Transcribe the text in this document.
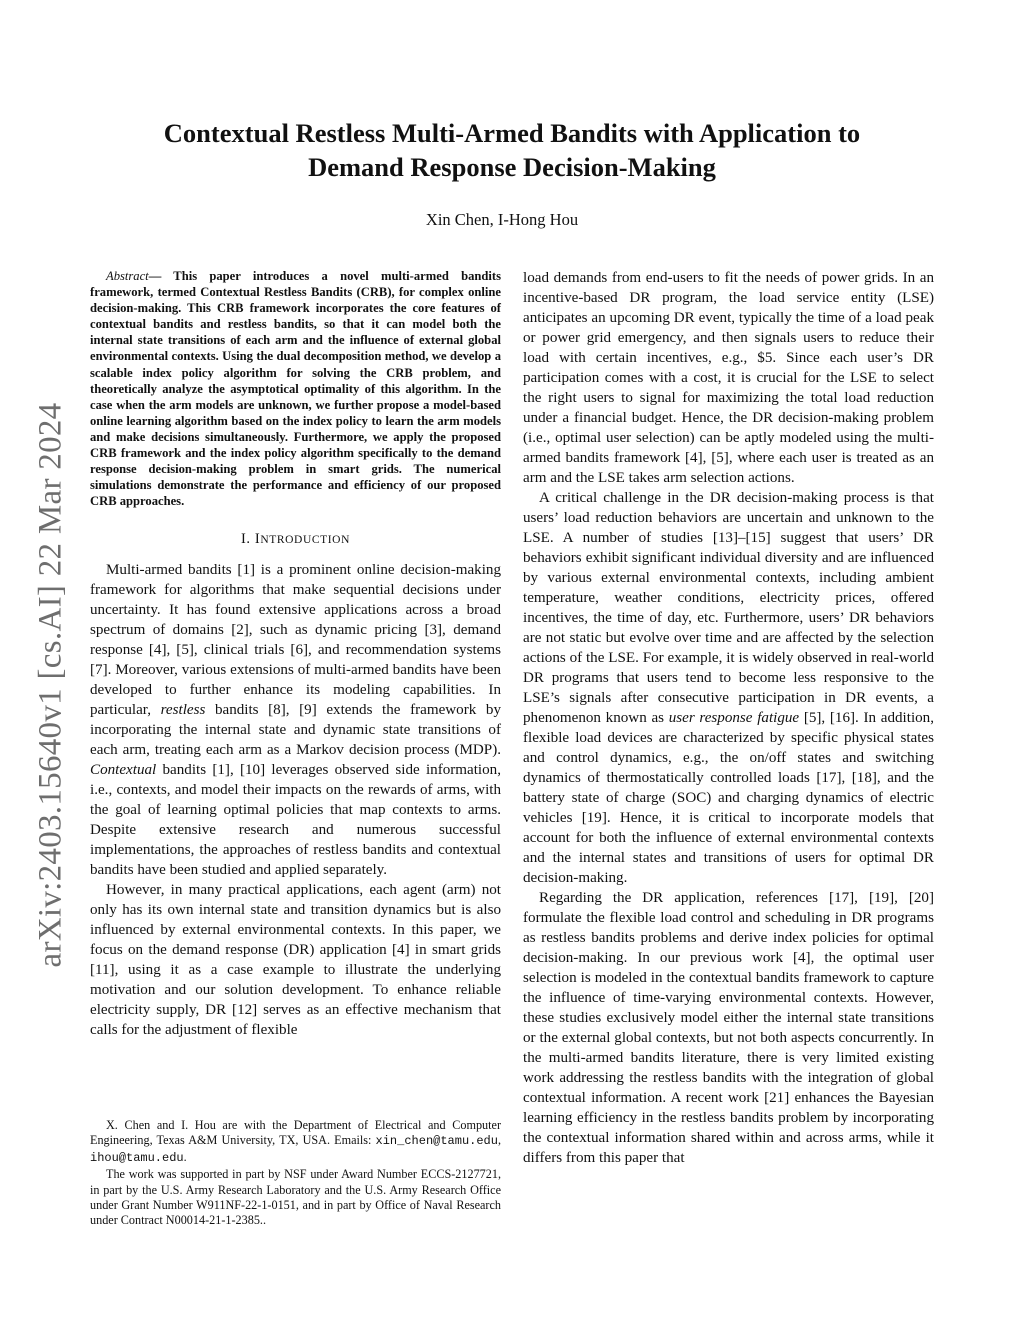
arXiv:2403.15640v1 [cs.AI] 22 Mar 2024
Contextual Restless Multi-Armed Bandits with Application to
Demand Response Decision-Making
Xin Chen, I-Hong Hou

Abstract— This paper introduces a novel multi-armed bandits framework, termed Contextual Restless Bandits (CRB), for complex online decision-making. This CRB framework incorporates the core features of contextual bandits and restless bandits, so that it can model both the internal state transitions of each arm and the influence of external global environmental contexts. Using the dual decomposition method, we develop a scalable index policy algorithm for solving the CRB problem, and theoretically analyze the asymptotical optimality of this algorithm. In the case when the arm models are unknown, we further propose a model-based online learning algorithm based on the index policy to learn the arm models and make decisions simultaneously. Furthermore, we apply the proposed CRB framework and the index policy algorithm specifically to the demand response decision-making problem in smart grids. The numerical simulations demonstrate the performance and efficiency of our proposed CRB approaches.

I. INTRODUCTION

Multi-armed bandits [1] is a prominent online decision-making framework for algorithms that make sequential decisions under uncertainty. It has found extensive applications across a broad spectrum of domains [2], such as dynamic pricing [3], demand response [4], [5], clinical trials [6], and recommendation systems [7]. Moreover, various extensions of multi-armed bandits have been developed to further enhance its modeling capabilities. In particular, restless bandits [8], [9] extends the framework by incorporating the internal state and dynamic state transitions of each arm, treating each arm as a Markov decision process (MDP). Contextual bandits [1], [10] leverages observed side information, i.e., contexts, and model their impacts on the rewards of arms, with the goal of learning optimal policies that map contexts to arms. Despite extensive research and numerous successful implementations, the approaches of restless bandits and contextual bandits have been studied and applied separately.

However, in many practical applications, each agent (arm) not only has its own internal state and transition dynamics but is also influenced by external environmental contexts. In this paper, we focus on the demand response (DR) application [4] in smart grids [11], using it as a case example to illustrate the underlying motivation and our solution development. To enhance reliable electricity supply, DR [12] serves as an effective mechanism that calls for the adjustment of flexible

X. Chen and I. Hou are with the Department of Electrical and Computer Engineering, Texas A&M University, TX, USA. Emails: xin_chen@tamu.edu, ihou@tamu.edu.

The work was supported in part by NSF under Award Number ECCS-2127721, in part by the U.S. Army Research Laboratory and the U.S. Army Research Office under Grant Number W911NF-22-1-0151, and in part by Office of Naval Research under Contract N00014-21-1-2385..

load demands from end-users to fit the needs of power grids. In an incentive-based DR program, the load service entity (LSE) anticipates an upcoming DR event, typically the time of a load peak or power grid emergency, and then signals users to reduce their load with certain incentives, e.g., $5. Since each user’s DR participation comes with a cost, it is crucial for the LSE to select the right users to signal for maximizing the total load reduction under a financial budget. Hence, the DR decision-making problem (i.e., optimal user selection) can be aptly modeled using the multi-armed bandits framework [4], [5], where each user is treated as an arm and the LSE takes arm selection actions.

A critical challenge in the DR decision-making process is that users’ load reduction behaviors are uncertain and unknown to the LSE. A number of studies [13]–[15] suggest that users’ DR behaviors exhibit significant individual diversity and are influenced by various external environmental contexts, including ambient temperature, weather conditions, electricity prices, offered incentives, the time of day, etc. Furthermore, users’ DR behaviors are not static but evolve over time and are affected by the selection actions of the LSE. For example, it is widely observed in real-world DR programs that users tend to become less responsive to the LSE’s signals after consecutive participation in DR events, a phenomenon known as user response fatigue [5], [16]. In addition, flexible load devices are characterized by specific physical states and control dynamics, e.g., the on/off states and switching dynamics of thermostatically controlled loads [17], [18], and the battery state of charge (SOC) and charging dynamics of electric vehicles [19]. Hence, it is critical to incorporate models that account for both the influence of external environmental contexts and the internal states and transitions of users for optimal DR decision-making.

Regarding the DR application, references [17], [19], [20] formulate the flexible load control and scheduling in DR programs as restless bandits problems and derive index policies for optimal decision-making. In our previous work [4], the optimal user selection is modeled in the contextual bandits framework to capture the influence of time-varying environmental contexts. However, these studies exclusively model either the internal state transitions or the external global contexts, but not both aspects concurrently. In the multi-armed bandits literature, there is very limited existing work addressing the restless bandits with the integration of global contextual information. A recent work [21] enhances the Bayesian learning efficiency in the restless bandits problem by incorporating the contextual information shared within and across arms, while it differs from this paper that
